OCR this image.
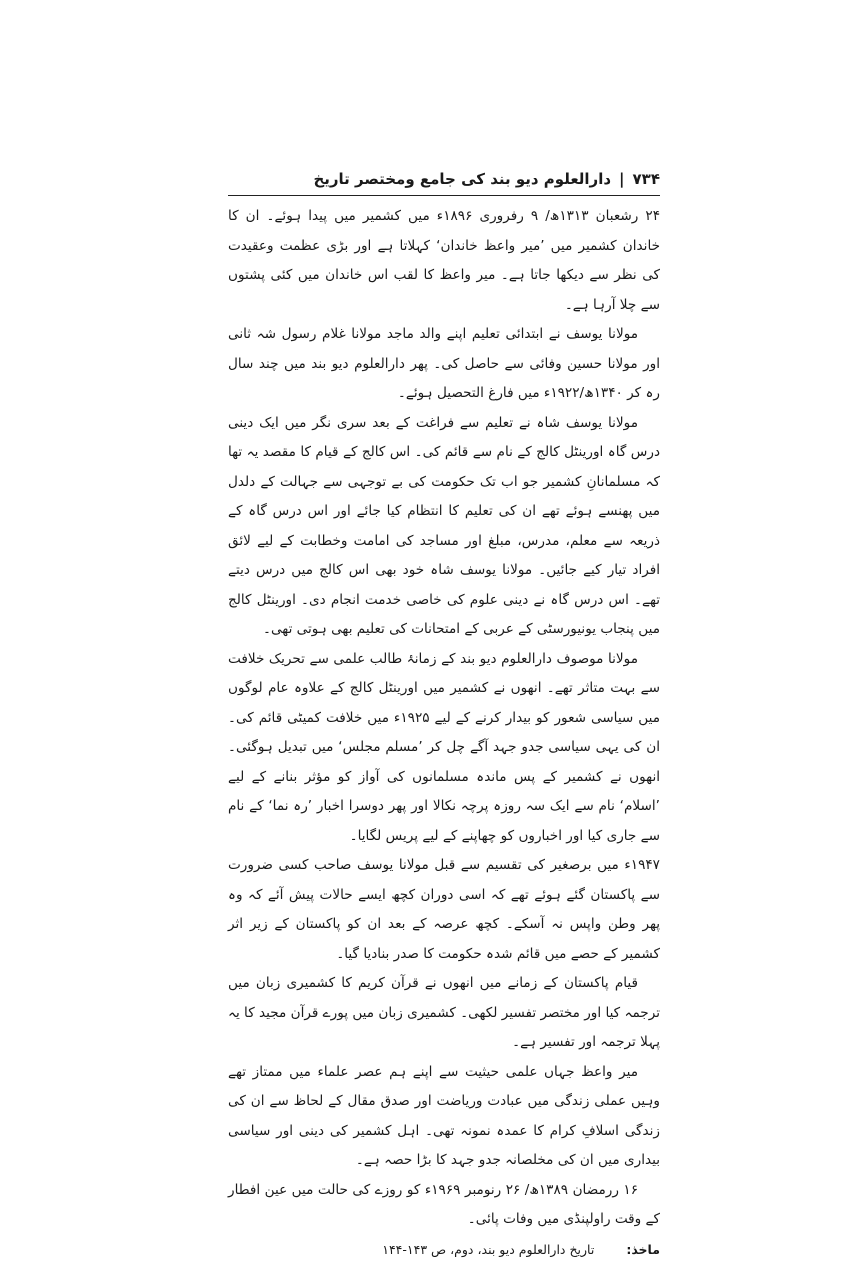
۷۳۴
|
دارالعلوم دیو بند کی جامع ومختصر تاریخ

۲۴ رشعبان ۱۳۱۳ھ/ ۹ رفروری ۱۸۹۶ء میں کشمیر میں پیدا ہوئے۔ ان کا خاندان کشمیر میں ’میر واعظ خاندان‘ کہلاتا ہے اور بڑی عظمت وعقیدت کی نظر سے دیکھا جاتا ہے۔ میر واعظ کا لقب اس خاندان میں کئی پشتوں سے چلا آرہا ہے۔

مولانا یوسف نے ابتدائی تعلیم اپنے والد ماجد مولانا غلام رسول شہ ثانی اور مولانا حسین وفائی سے حاصل کی۔ پھر دارالعلوم دیو بند میں چند سال رہ کر ۱۳۴۰ھ/۱۹۲۲ء میں فارغ التحصیل ہوئے۔

مولانا یوسف شاہ نے تعلیم سے فراغت کے بعد سری نگر میں ایک دینی درس گاہ اورینٹل کالج کے نام سے قائم کی۔ اس کالج کے قیام کا مقصد یہ تھا کہ مسلمانانِ کشمیر جو اب تک حکومت کی بے توجہی سے جہالت کے دلدل میں پھنسے ہوئے تھے ان کی تعلیم کا انتظام کیا جائے اور اس درس گاہ کے ذریعہ سے معلم، مدرس، مبلغ اور مساجد کی امامت وخطابت کے لیے لائق افراد تیار کیے جائیں۔ مولانا یوسف شاہ خود بھی اس کالج میں درس دیتے تھے۔ اس درس گاہ نے دینی علوم کی خاصی خدمت انجام دی۔ اورینٹل کالج میں پنجاب یونیورسٹی کے عربی کے امتحانات کی تعلیم بھی ہوتی تھی۔

مولانا موصوف دارالعلوم دیو بند کے زمانۂ طالب علمی سے تحریک خلافت سے بہت متاثر تھے۔ انھوں نے کشمیر میں اورینٹل کالج کے علاوہ عام لوگوں میں سیاسی شعور کو بیدار کرنے کے لیے ۱۹۲۵ء میں خلافت کمیٹی قائم کی۔ ان کی یہی سیاسی جدو جہد آگے چل کر ’مسلم مجلس‘ میں تبدیل ہوگئی۔ انھوں نے کشمیر کے پس ماندہ مسلمانوں کی آواز کو مؤثر بنانے کے لیے ’اسلام‘ نام سے ایک سہ روزہ پرچہ نکالا اور پھر دوسرا اخبار ’رہ نما‘ کے نام سے جاری کیا اور اخباروں کو چھاپنے کے لیے پریس لگایا۔

۱۹۴۷ء میں برصغیر کی تقسیم سے قبل مولانا یوسف صاحب کسی ضرورت سے پاکستان گئے ہوئے تھے کہ اسی دوران کچھ ایسے حالات پیش آئے کہ وہ پھر وطن واپس نہ آسکے۔ کچھ عرصہ کے بعد ان کو پاکستان کے زیر اثر کشمیر کے حصے میں قائم شدہ حکومت کا صدر بنادیا گیا۔

قیام پاکستان کے زمانے میں انھوں نے قرآن کریم کا کشمیری زبان میں ترجمہ کیا اور مختصر تفسیر لکھی۔ کشمیری زبان میں پورے قرآن مجید کا یہ پہلا ترجمہ اور تفسیر ہے۔

میر واعظ جہاں علمی حیثیت سے اپنے ہم عصر علماء میں ممتاز تھے وہیں عملی زندگی میں عبادت وریاضت اور صدق مقال کے لحاظ سے ان کی زندگی اسلافِ کرام کا عمدہ نمونہ تھی۔ اہل کشمیر کی دینی اور سیاسی بیداری میں ان کی مخلصانہ جدو جہد کا بڑا حصہ ہے۔

۱۶ ررمضان ۱۳۸۹ھ/ ۲۶ رنومبر ۱۹۶۹ء کو روزے کی حالت میں عین افطار کے وقت راولپنڈی میں وفات پائی۔

ماخذ: تاریخ دارالعلوم دیو بند، دوم، ص ۱۴۳-۱۴۴
